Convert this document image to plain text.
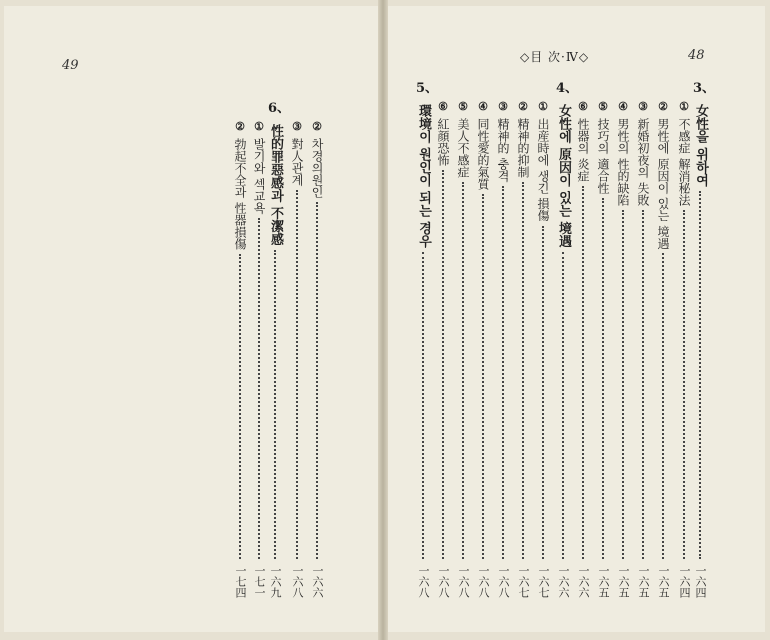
49
48
◇目 次·Ⅳ◇
②
차경의원인
一六六
③
對人관계
一六八
6、
性的罪惡感과 不潔感
一六九
①
발기와 섹교욕
一七一
②
勃起不全과 性器損傷
一七四
3、
女性을 위하여
一六四
①
不感症 解消秘法
一六四
②
男性에 原因이 있는 境遇
一六五
③
新婚初夜의 失敗
一六五
④
男性의 性的缺陷
一六五
⑤
技巧의 適合性
一六五
⑥
性器의 炎症
一六六
4、
女性에 原因이 있는 境遇
一六六
①
出産時에 생긴 損傷
一六七
②
精神的抑制
一六七
③
精神的 충격
一六八
④
同性愛的氣質
一六八
⑤
美人不感症
一六八
⑥
紅顔恐怖
一六八
5、
環境이 원인이 되는 경우
一六八
